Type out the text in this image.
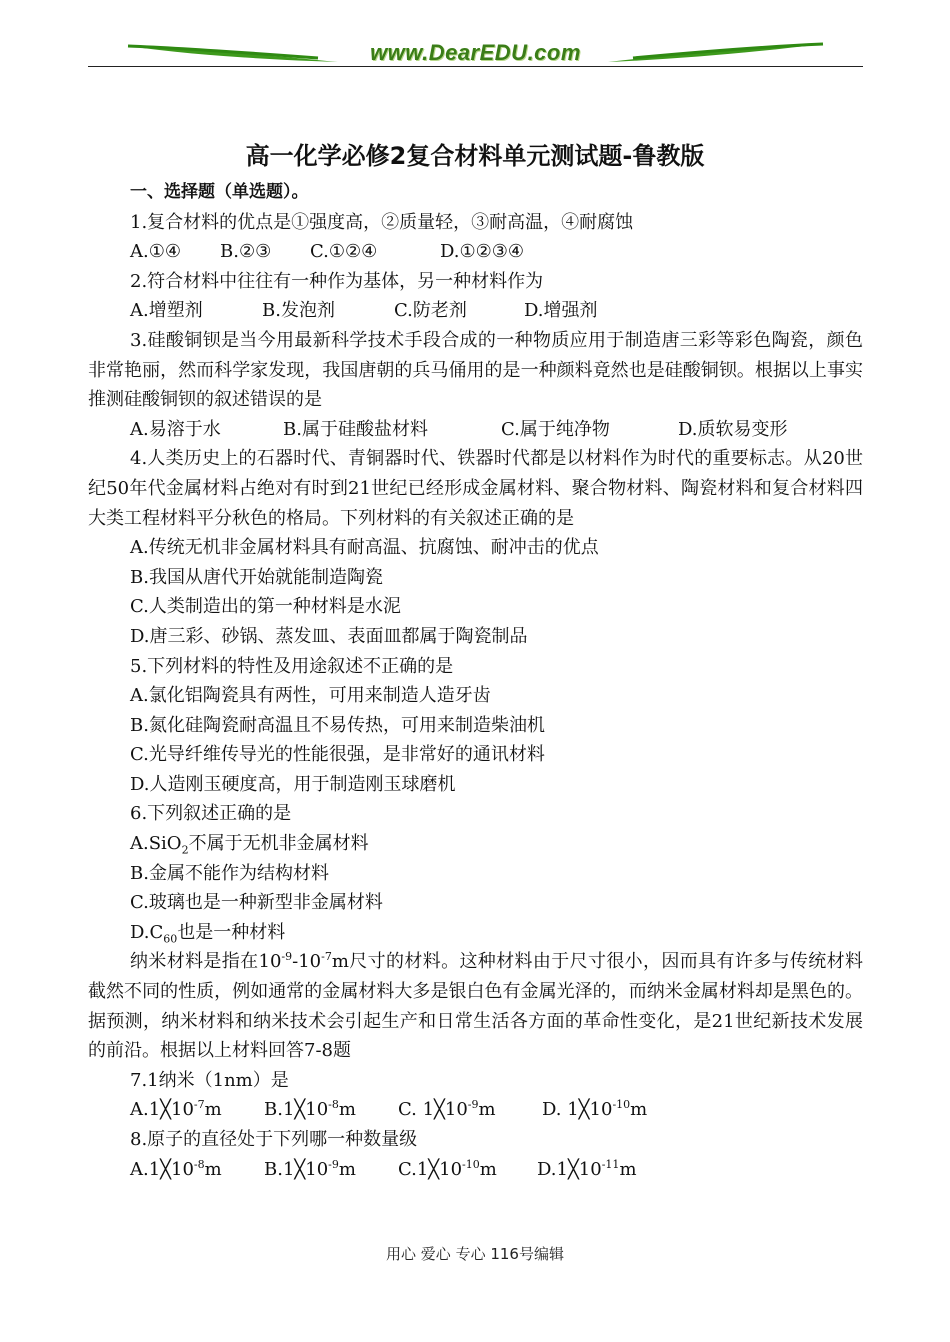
www.DearEDU.com
高一化学必修2复合材料单元测试题-鲁教版
一、选择题（单选题）。
1.复合材料的优点是①强度高，②质量轻，③耐高温，④耐腐蚀
A.①④	B.②③	C.①②④	D.①②③④
2.符合材料中往往有一种作为基体，另一种材料作为
A.增塑剂	B.发泡剂	C.防老剂	D.增强剂
3.硅酸铜钡是当今用最新科学技术手段合成的一种物质应用于制造唐三彩等彩色陶瓷，颜色非常艳丽，然而科学家发现，我国唐朝的兵马俑用的是一种颜料竟然也是硅酸铜钡。根据以上事实推测硅酸铜钡的叙述错误的是
A.易溶于水	B.属于硅酸盐材料	C.属于纯净物	D.质软易变形
4.人类历史上的石器时代、青铜器时代、铁器时代都是以材料作为时代的重要标志。从20世纪50年代金属材料占绝对有时到21世纪已经形成金属材料、聚合物材料、陶瓷材料和复合材料四大类工程材料平分秋色的格局。下列材料的有关叙述正确的是
A.传统无机非金属材料具有耐高温、抗腐蚀、耐冲击的优点
B.我国从唐代开始就能制造陶瓷
C.人类制造出的第一种材料是水泥
D.唐三彩、砂锅、蒸发皿、表面皿都属于陶瓷制品
5.下列材料的特性及用途叙述不正确的是
A.氯化铝陶瓷具有两性，可用来制造人造牙齿
B.氮化硅陶瓷耐高温且不易传热，可用来制造柴油机
C.光导纤维传导光的性能很强，是非常好的通讯材料
D.人造刚玉硬度高，用于制造刚玉球磨机
6.下列叙述正确的是
A.SiO$_2$不属于无机非金属材料
B.金属不能作为结构材料
C.玻璃也是一种新型非金属材料
$D.C_{60}$也是一种材料
纳米材料是指在$10^{-9}-10^{-7}m$尺寸的材料。这种材料由于尺寸很小，因而具有许多与传统材料截然不同的性质，例如通常的金属材料大多是银白色有金属光泽的，而纳米金属材料却是黑色的。据预测，纳米材料和纳米技术会引起生产和日常生活各方面的革命性变化，是21世纪新技术发展的前沿。根据以上材料回答7-8题
7.1纳米（1nm）是
$A.1╳10^{-7}m$	$B.1╳10^{-8}m$	C. $1╳10^{-9}m$	D. $1╳10^{-10}m$
8.原子的直径处于下列哪一种数量级
$A.1╳10^{-8}m$	$B.1╳10^{-9}m$	$C.1╳10^{-10}m$	$D.1╳10^{-11}m$
用心 爱心 专心 116号编辑
